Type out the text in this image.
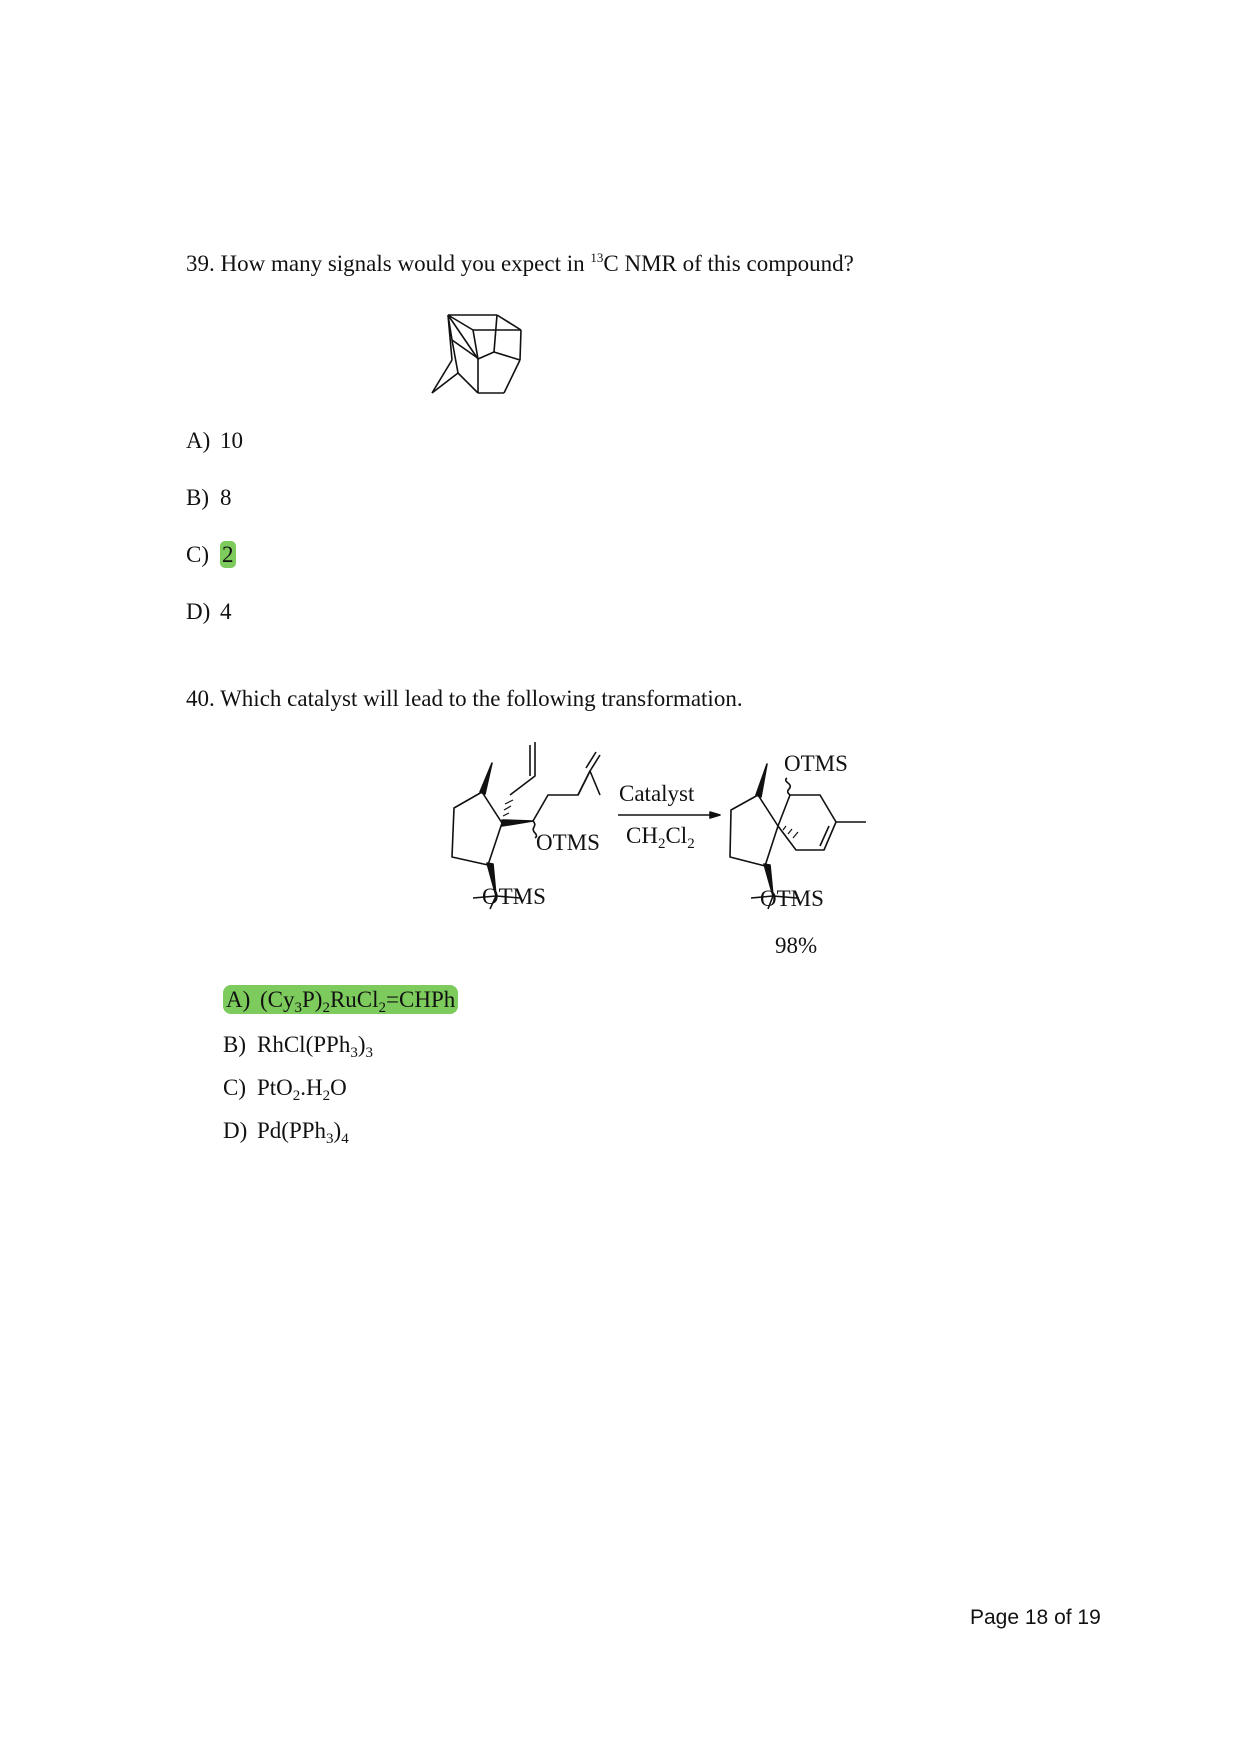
39. How many signals would you expect in $^{13}$C NMR of this compound?
A) 10
B) 8
C) 2
D) 4
40. Which catalyst will lead to the following transformation.
OTMS
OTMS
Catalyst
$CH_2Cl_2$
OTMS
OTMS
98%
A) $(Cy_3P)_2RuCl_2=CHPh$
B) $RhCl(PPh_3)_3$
C) $PtO_2.H_2O$
D) $Pd(PPh_3)_4$
Page 18 of 19
